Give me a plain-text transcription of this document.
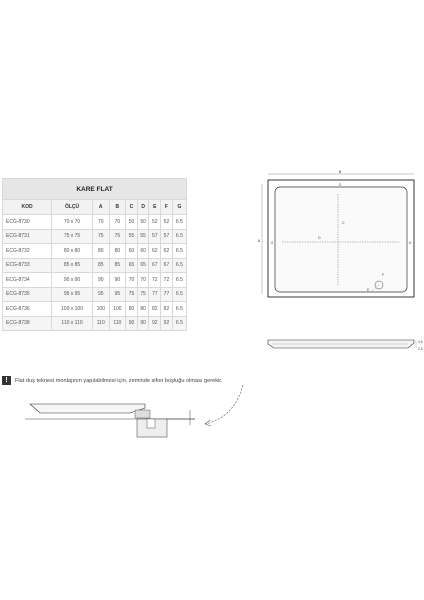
KARE FLAT								
KOD	ÖLÇÜ	A	B	C	D	E	F	G
ECG-8730	70 x 70	70	70	50	50	52	52	6.5
ECG-8731	75 x 75	75	75	55	55	57	57	6.5
ECG-8732	80 x 80	80	80	60	60	62	62	6.5
ECG-8733	85 x 85	85	85	65	65	67	67	6.5
ECG-8734	90 x 90	90	90	70	70	72	72	6.5
ECG-8735	95 x 95	95	95	75	75	77	77	6.5
ECG-8736	100 x 100	100	100	80	80	82	82	6.5
ECG-8738	110 x 110	110	110	90	90	92	92	6.5
B
A
G
G	G
C
D
F
E
4.5
2.5
!	Flat duş teknesi montajının yapılabilmesi için, zeminde sifon boşluğu olması gerekir.
